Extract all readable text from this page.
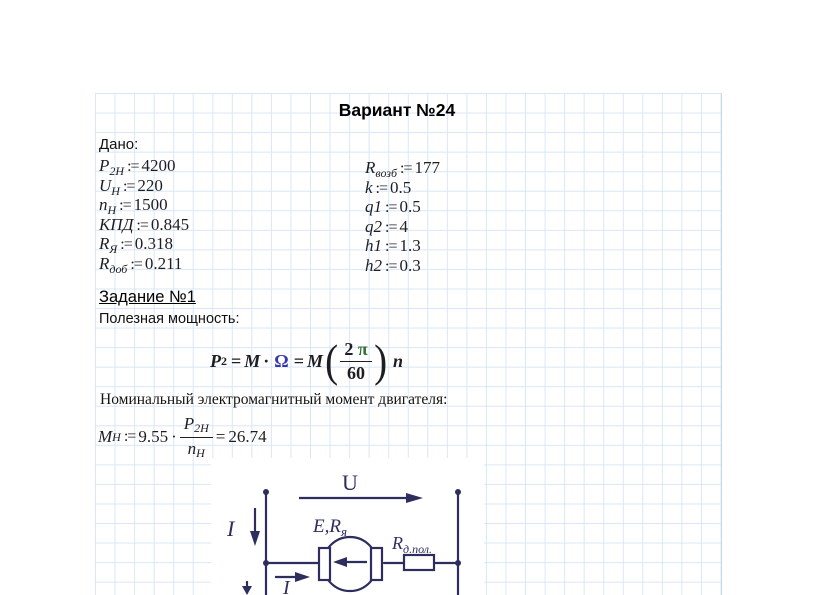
Вариант №24
Дано:
$P_{2H}$ := 4200
$U_H$ := 220
$n_H$ := 1500
КПД := 0.845
$R_Я$ := 0.318
$R_{доб}$ := 0.211
$R_{возб}$ := 177
k := 0.5
q1 := 0.5
q2 := 4
h1 := 1.3
h2 := 0.3
Задание №1
Полезная мощность:
P 2 = M · Ω = M ( $\frac{2 \pi}{60}$ ) n
Номинальный электромагнитный момент двигателя:
M H := $9.55 \cdot \frac{P2H}{nH} = 26.74$
U
I	$E,R_я$
$R_{д.пол.}$
I
